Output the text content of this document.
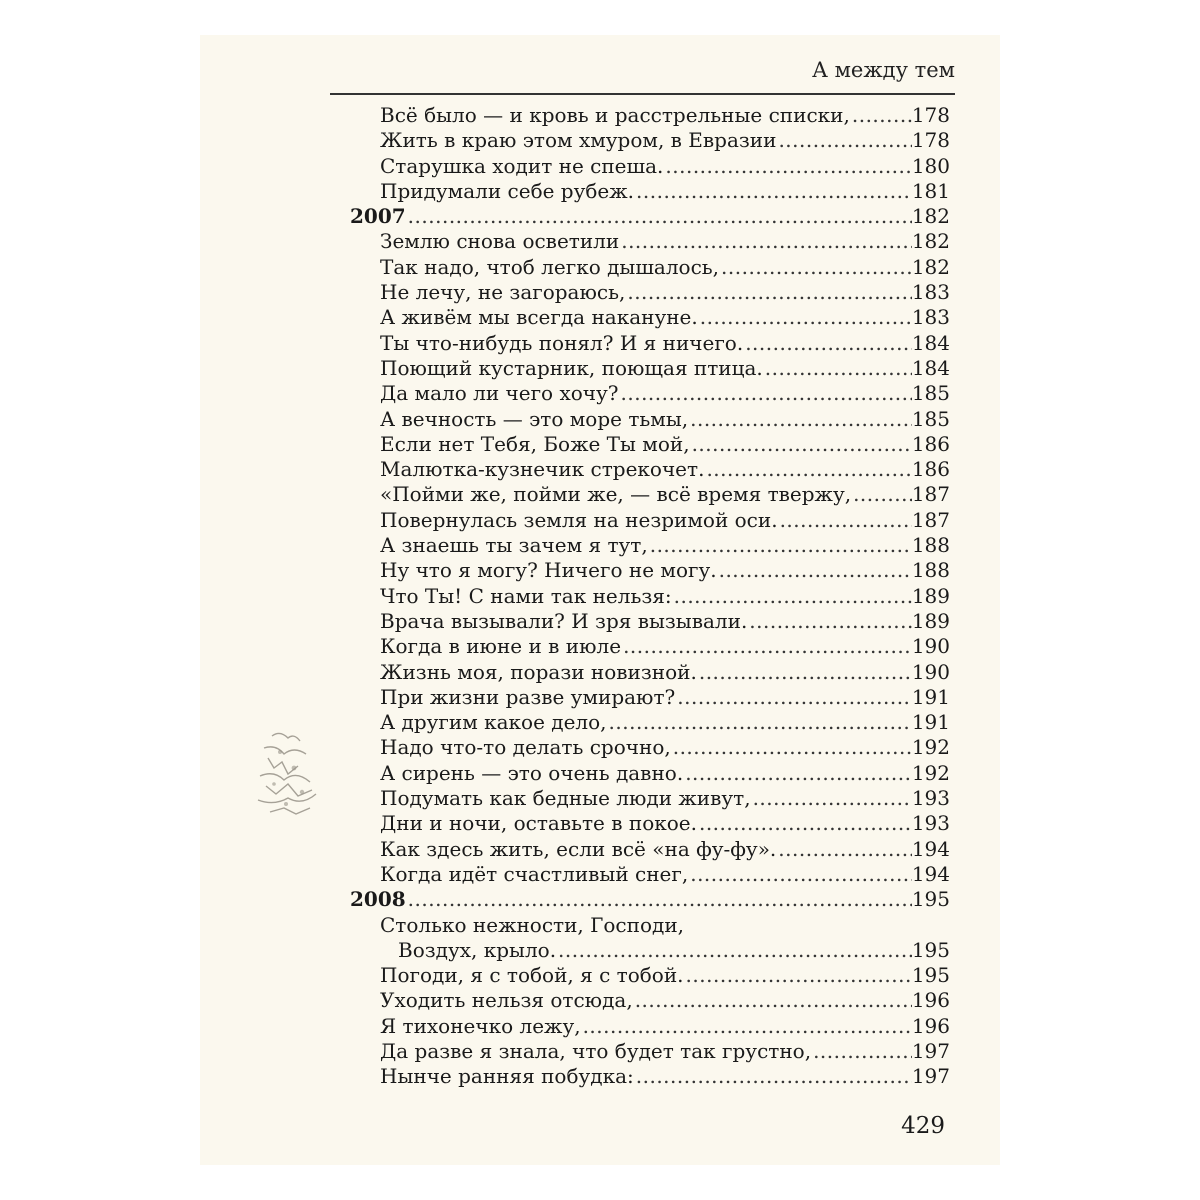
А между тем
Всё было — и кровь и расстрельные списки, .....	178
Жить в краю этом хмуром, в Евразии .....	178
Старушка ходит не спеша. .....	180
Придумали себе рубеж. .....	181
2007 .....	182
Землю снова осветили .....	182
Так надо, чтоб легко дышалось, .....	182
Не лечу, не загораюсь, .....	183
А живём мы всегда накануне. .....	183
Ты что-нибудь понял? И я ничего. .....	184
Поющий кустарник, поющая птица. .....	184
Да мало ли чего хочу? .....	185
А вечность — это море тьмы, .....	185
Если нет Тебя, Боже Ты мой, .....	186
Малютка-кузнечик стрекочет. .....	186
«Пойми же, пойми же, — всё время твержу, .....	187
Повернулась земля на незримой оси. .....	187
А знаешь ты зачем я тут, .....	188
Ну что я могу? Ничего не могу. .....	188
Что Ты! С нами так нельзя: .....	189
Врача вызывали? И зря вызывали. .....	189
Когда в июне и в июле .....	190
Жизнь моя, порази новизной. .....	190
При жизни разве умирают? .....	191
А другим какое дело, .....	191
Надо что-то делать срочно, .....	192
А сирень — это очень давно. .....	192
Подумать как бедные люди живут, .....	193
Дни и ночи, оставьте в покое. .....	193
Как здесь жить, если всё «на фу-фу». .....	194
Когда идёт счастливый снег, .....	194
2008 .....	195
Столько нежности, Господи,
Воздух, крыло. .....	195
Погоди, я с тобой, я с тобой. .....	195
Уходить нельзя отсюда, .....	196
Я тихонечко лежу, .....	196
Да разве я знала, что будет так грустно, .....	197
Нынче ранняя побудка: .....	197
429
